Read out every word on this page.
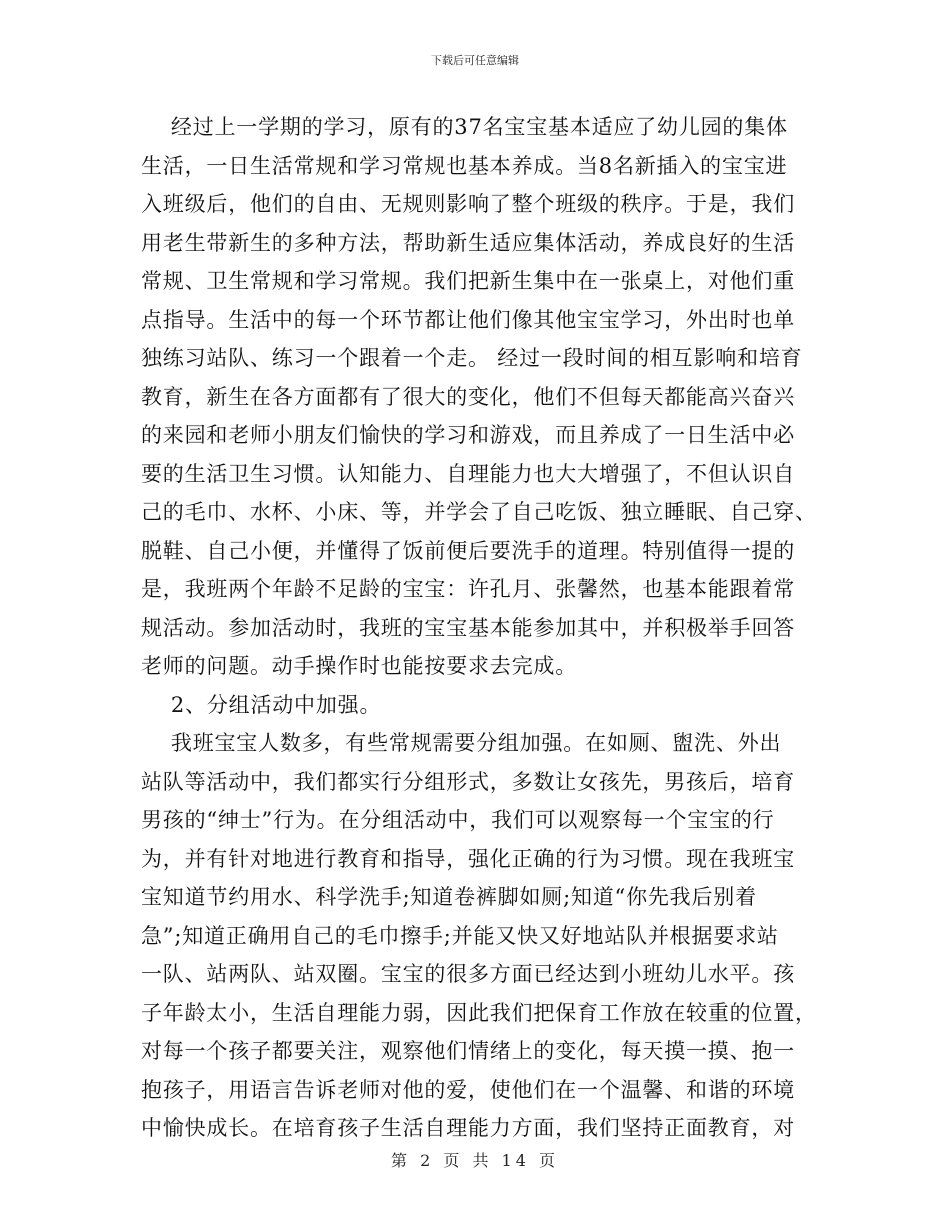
下载后可任意编辑
经过上一学期的学习，原有的37名宝宝基本适应了幼儿园的集体
生活，一日生活常规和学习常规也基本养成。当8名新插入的宝宝进
入班级后，他们的自由、无规则影响了整个班级的秩序。于是，我们
用老生带新生的多种方法，帮助新生适应集体活动，养成良好的生活
常规、卫生常规和学习常规。我们把新生集中在一张桌上，对他们重
点指导。生活中的每一个环节都让他们像其他宝宝学习，外出时也单
独练习站队、练习一个跟着一个走。 经过一段时间的相互影响和培育
教育，新生在各方面都有了很大的变化，他们不但每天都能高兴奋兴
的来园和老师小朋友们愉快的学习和游戏，而且养成了一日生活中必
要的生活卫生习惯。认知能力、自理能力也大大增强了，不但认识自
己的毛巾、水杯、小床、等，并学会了自己吃饭、独立睡眠、自己穿、
脱鞋、自己小便，并懂得了饭前便后要洗手的道理。特别值得一提的
是，我班两个年龄不足龄的宝宝：许孔月、张馨然，也基本能跟着常
规活动。参加活动时，我班的宝宝基本能参加其中，并积极举手回答
老师的问题。动手操作时也能按要求去完成。
2、分组活动中加强。
我班宝宝人数多，有些常规需要分组加强。在如厕、盥洗、外出
站队等活动中，我们都实行分组形式，多数让女孩先，男孩后，培育
男孩的“绅士”行为。在分组活动中，我们可以观察每一个宝宝的行
为，并有针对地进行教育和指导，强化正确的行为习惯。现在我班宝
宝知道节约用水、科学洗手;知道卷裤脚如厕;知道“你先我后别着
急”;知道正确用自己的毛巾擦手;并能又快又好地站队并根据要求站
一队、站两队、站双圈。宝宝的很多方面已经达到小班幼儿水平。孩
子年龄太小，生活自理能力弱，因此我们把保育工作放在较重的位置，
对每一个孩子都要关注，观察他们情绪上的变化，每天摸一摸、抱一
抱孩子，用语言告诉老师对他的爱，使他们在一个温馨、和谐的环境
中愉快成长。在培育孩子生活自理能力方面，我们坚持正面教育，对
第 2 页 共 14 页
